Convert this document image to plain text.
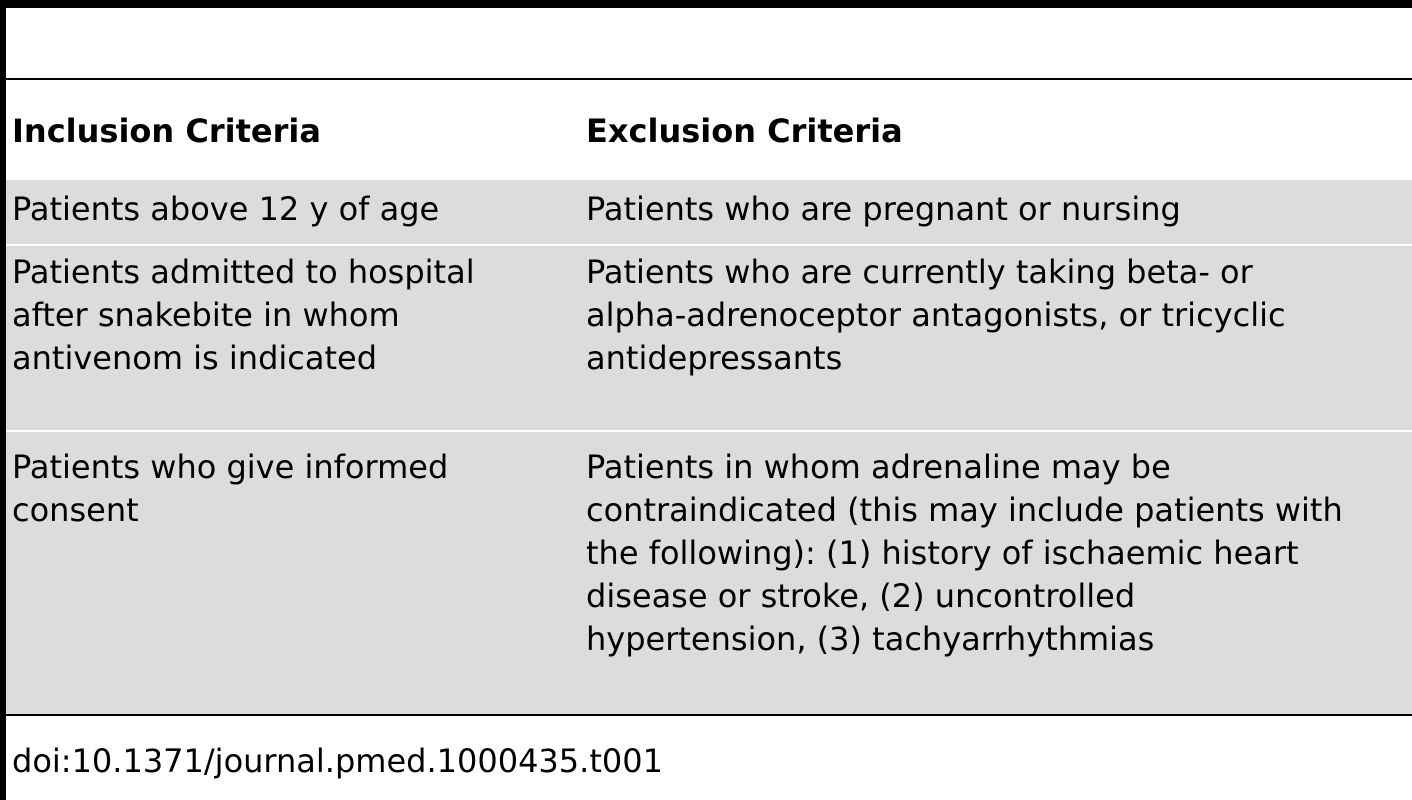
Inclusion Criteria	Exclusion Criteria
Patients above 12 y of age	Patients who are pregnant or nursing
Patients admitted to hospital
after snakebite in whom
antivenom is indicated
Patients who are currently taking beta- or
alpha-adrenoceptor antagonists, or tricyclic
antidepressants
Patients who give informed
consent
Patients in whom adrenaline may be
contraindicated (this may include patients with
the following): (1) history of ischaemic heart
disease or stroke, (2) uncontrolled
hypertension, (3) tachyarrhythmias
doi:10.1371/journal.pmed.1000435.t001
